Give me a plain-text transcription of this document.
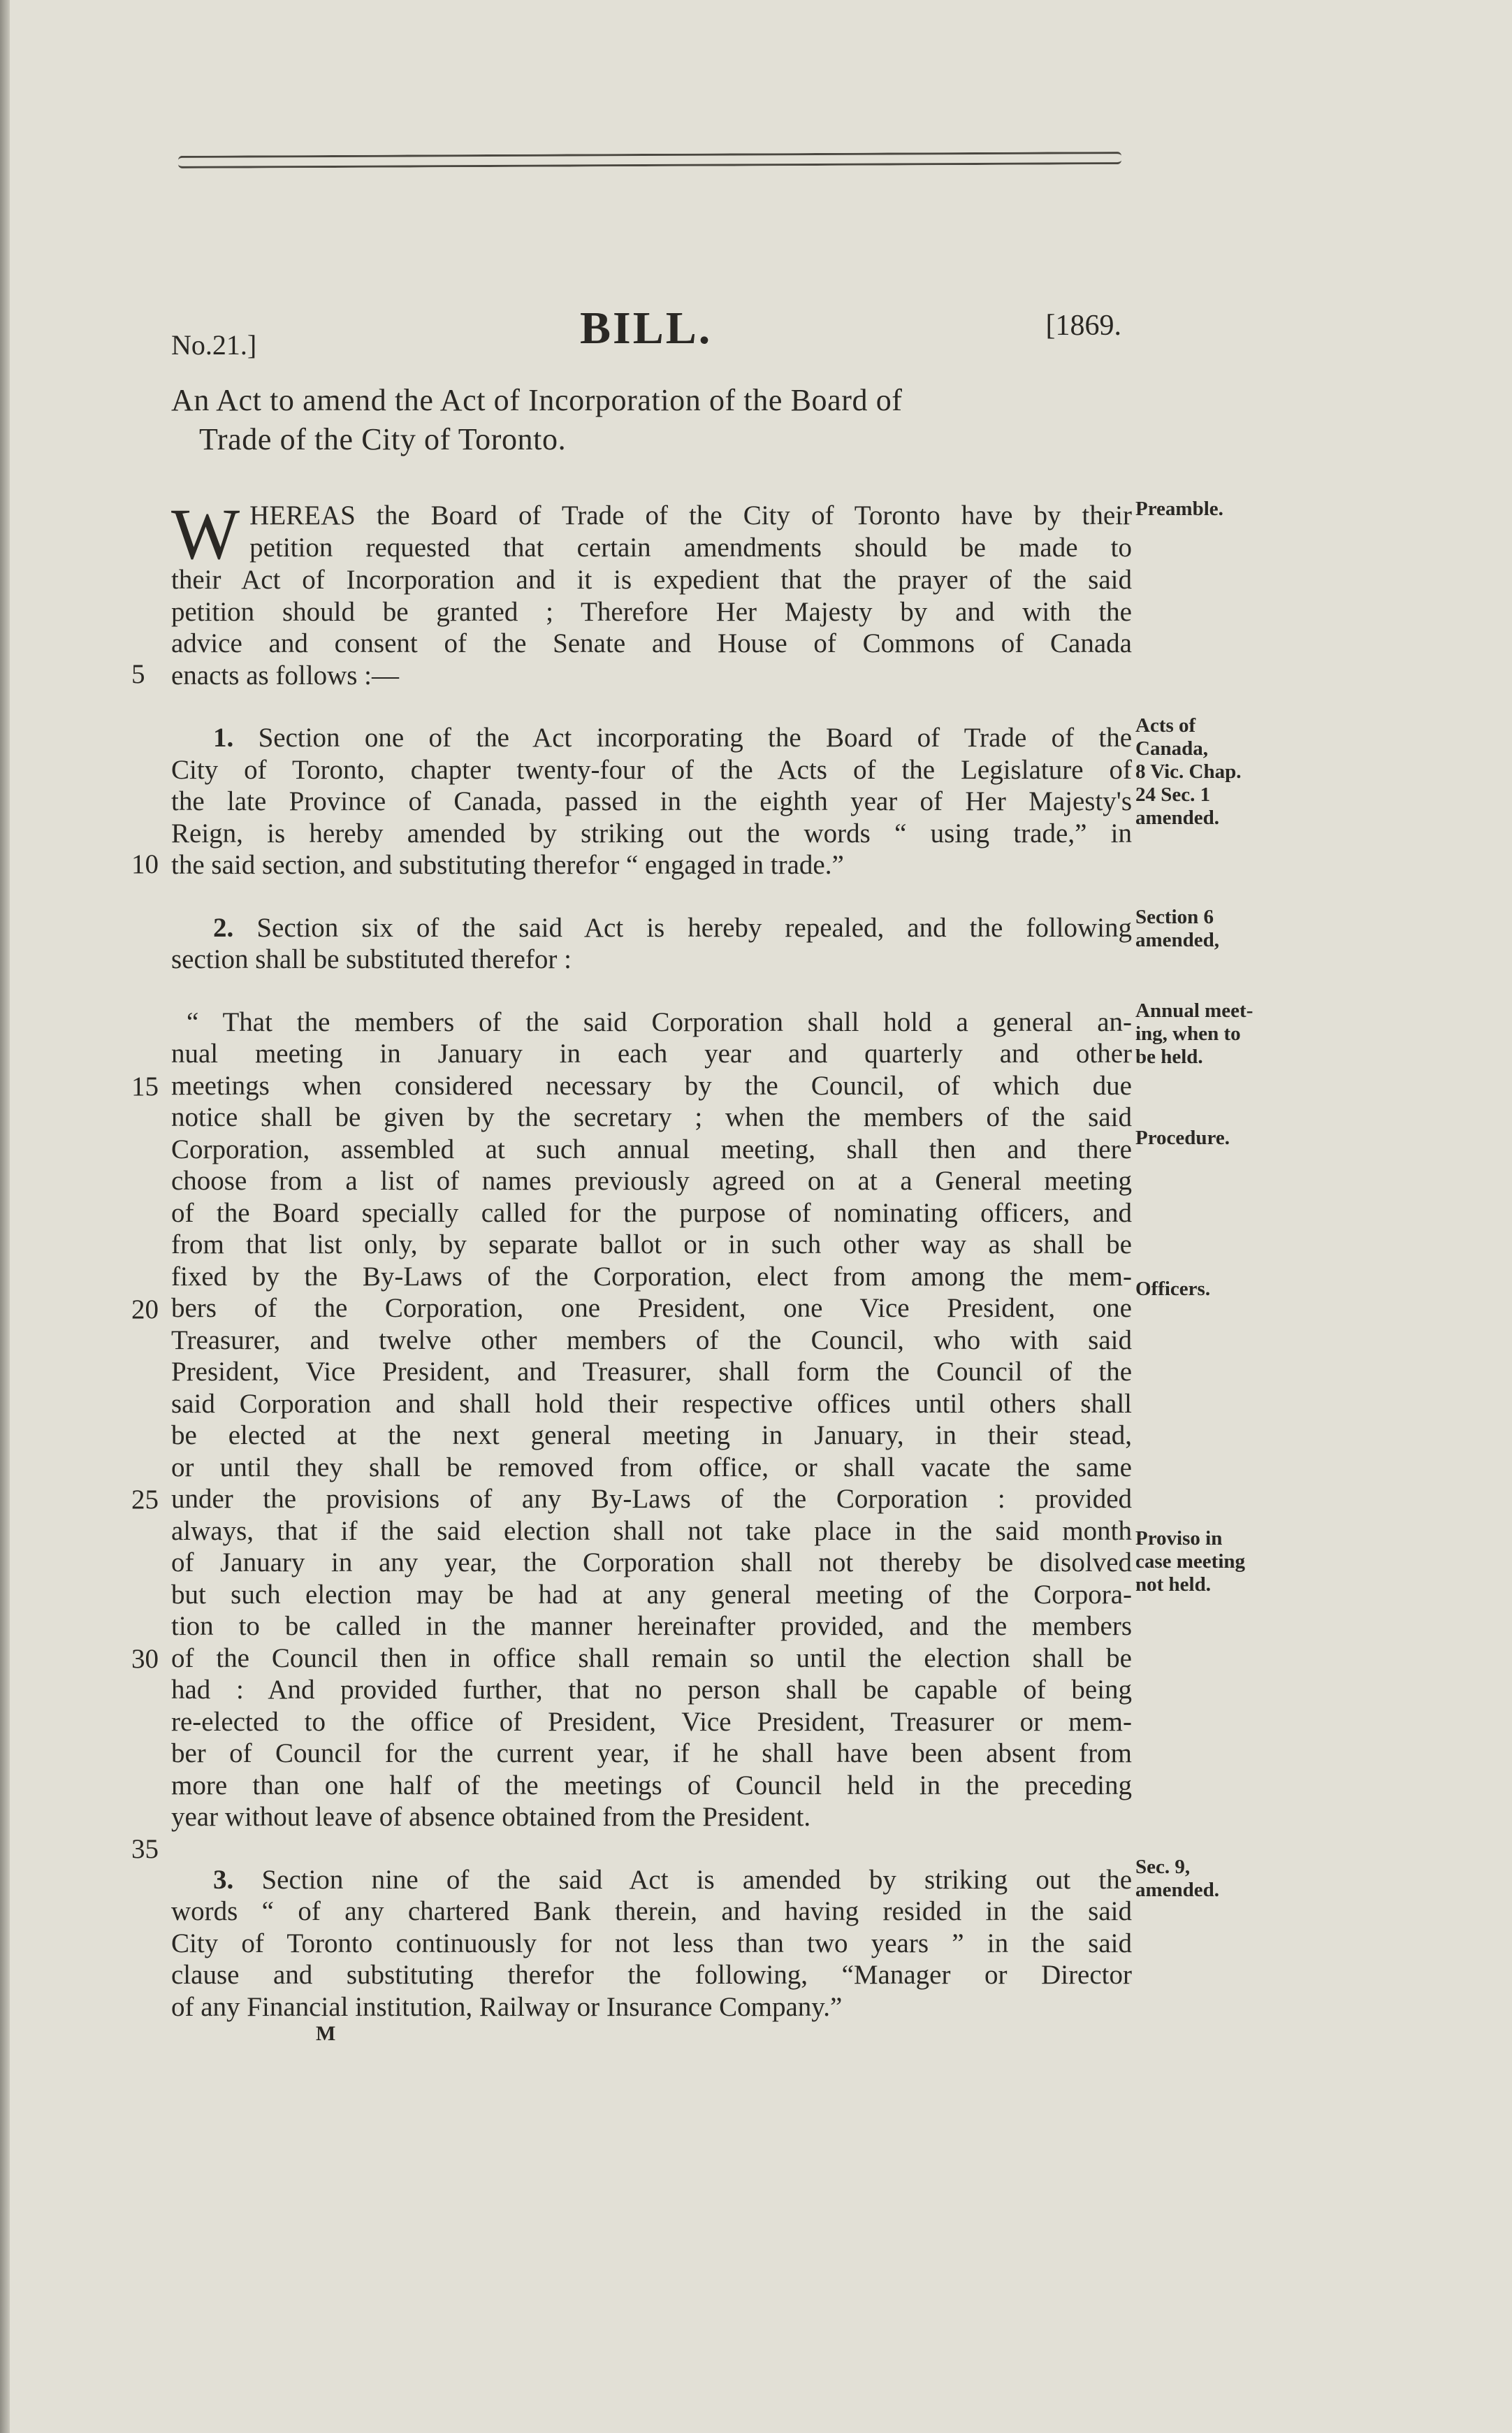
No.21.]	BILL.	[1869.
An Act to amend the Act of Incorporation of the Board of
Trade of the City of Toronto.
W HEREAS the Board of Trade of the City of Toronto have by their
petition requested that certain amendments should be made to
their Act of Incorporation and it is expedient that the prayer of the said
petition should be granted ; Therefore Her Majesty by and with the
advice and consent of the Senate and House of Commons of Canada
enacts as follows :—
1. Section one of the Act incorporating the Board of Trade of the
City of Toronto, chapter twenty-four of the Acts of the Legislature of
the late Province of Canada, passed in the eighth year of Her Majesty's
Reign, is hereby amended by striking out the words “ using trade,” in
the said section, and substituting therefor “ engaged in trade.”
2. Section six of the said Act is hereby repealed, and the following
section shall be substituted therefor :
“ That the members of the said Corporation shall hold a general an-
nual meeting in January in each year and quarterly and other
meetings when considered necessary by the Council, of which due
notice shall be given by the secretary ; when the members of the said
Corporation, assembled at such annual meeting, shall then and there
choose from a list of names previously agreed on at a General meeting
of the Board specially called for the purpose of nominating officers, and
from that list only, by separate ballot or in such other way as shall be
fixed by the By-Laws of the Corporation, elect from among the mem-
bers of the Corporation, one President, one Vice President, one
Treasurer, and twelve other members of the Council, who with said
President, Vice President, and Treasurer, shall form the Council of the
said Corporation and shall hold their respective offices until others shall
be elected at the next general meeting in January, in their stead,
or until they shall be removed from office, or shall vacate the same
under the provisions of any By-Laws of the Corporation : provided
always, that if the said election shall not take place in the said month
of January in any year, the Corporation shall not thereby be disolved
but such election may be had at any general meeting of the Corpora-
tion to be called in the manner hereinafter provided, and the members
of the Council then in office shall remain so until the election shall be
had : And provided further, that no person shall be capable of being
re-elected to the office of President, Vice President, Treasurer or mem-
ber of Council for the current year, if he shall have been absent from
more than one half of the meetings of Council held in the preceding
year without leave of absence obtained from the President.
3. Section nine of the said Act is amended by striking out the
words “ of any chartered Bank therein, and having resided in the said
City of Toronto continuously for not less than two years ” in the said
clause and substituting therefor the following, “Manager or Director
of any Financial institution, Railway or Insurance Company.”
5
10
15
20
25
30
35
Preamble.
Acts of
Canada,
8 Vic. Chap.
24 Sec. 1
amended.
Section 6
amended,
Annual meet-
ing, when to
be held.
Procedure.
Officers.
Proviso in
case meeting
not held.
Sec. 9,
amended.
M
